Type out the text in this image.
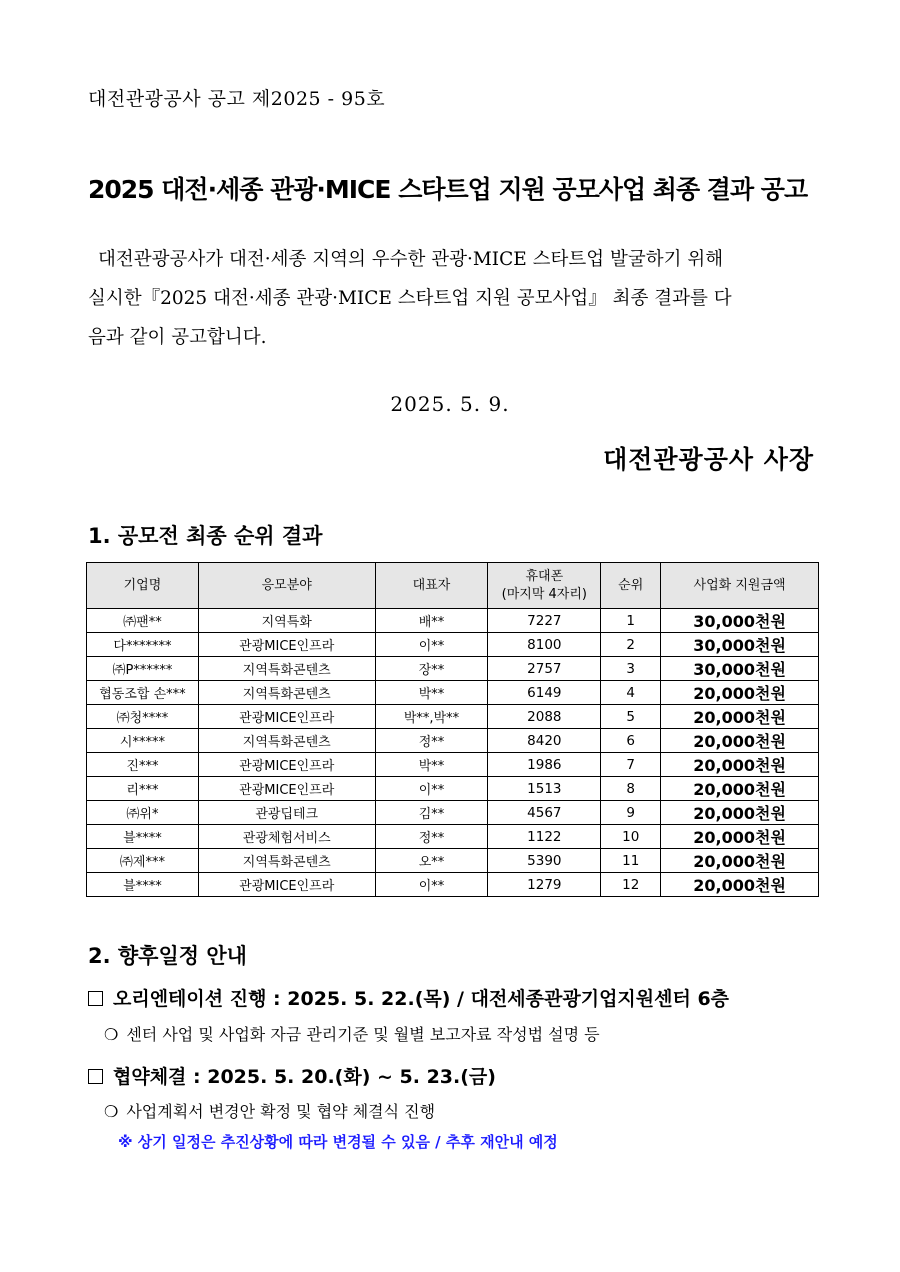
대전관광공사 공고 제2025 - 95호
2025 대전·세종 관광·MICE 스타트업 지원 공모사업 최종 결과 공고
대전관광공사가 대전·세종 지역의 우수한 관광·MICE 스타트업 발굴하기 위해
실시한『2025 대전·세종 관광·MICE 스타트업 지원 공모사업』 최종 결과를 다
음과 같이 공고합니다.
2025. 5. 9.
대전관광공사 사장
1. 공모전 최종 순위 결과
기업명	응모분야	대표자	휴대폰
(마지막 4자리)	순위	사업화 지원금액
㈜팬**	지역특화	배**	7227	1	30,000천원
다*******	관광MICE인프라	이**	8100	2	30,000천원
㈜P******	지역특화콘텐츠	장**	2757	3	30,000천원
협동조합 손***	지역특화콘텐츠	박**	6149	4	20,000천원
㈜청****	관광MICE인프라	박**,박**	2088	5	20,000천원
시*****	지역특화콘텐츠	정**	8420	6	20,000천원
진***	관광MICE인프라	박**	1986	7	20,000천원
리***	관광MICE인프라	이**	1513	8	20,000천원
㈜위*	관광딥테크	김**	4567	9	20,000천원
블****	관광체험서비스	정**	1122	10	20,000천원
㈜제***	지역특화콘텐츠	오**	5390	11	20,000천원
블****	관광MICE인프라	이**	1279	12	20,000천원
2. 향후일정 안내
오리엔테이션 진행 : 2025. 5. 22.(목) / 대전세종관광기업지원센터 6층
❍ 센터 사업 및 사업화 자금 관리기준 및 월별 보고자료 작성법 설명 등
협약체결 : 2025. 5. 20.(화) ~ 5. 23.(금)
❍ 사업계획서 변경안 확정 및 협약 체결식 진행
※ 상기 일정은 추진상황에 따라 변경될 수 있음 / 추후 재안내 예정
